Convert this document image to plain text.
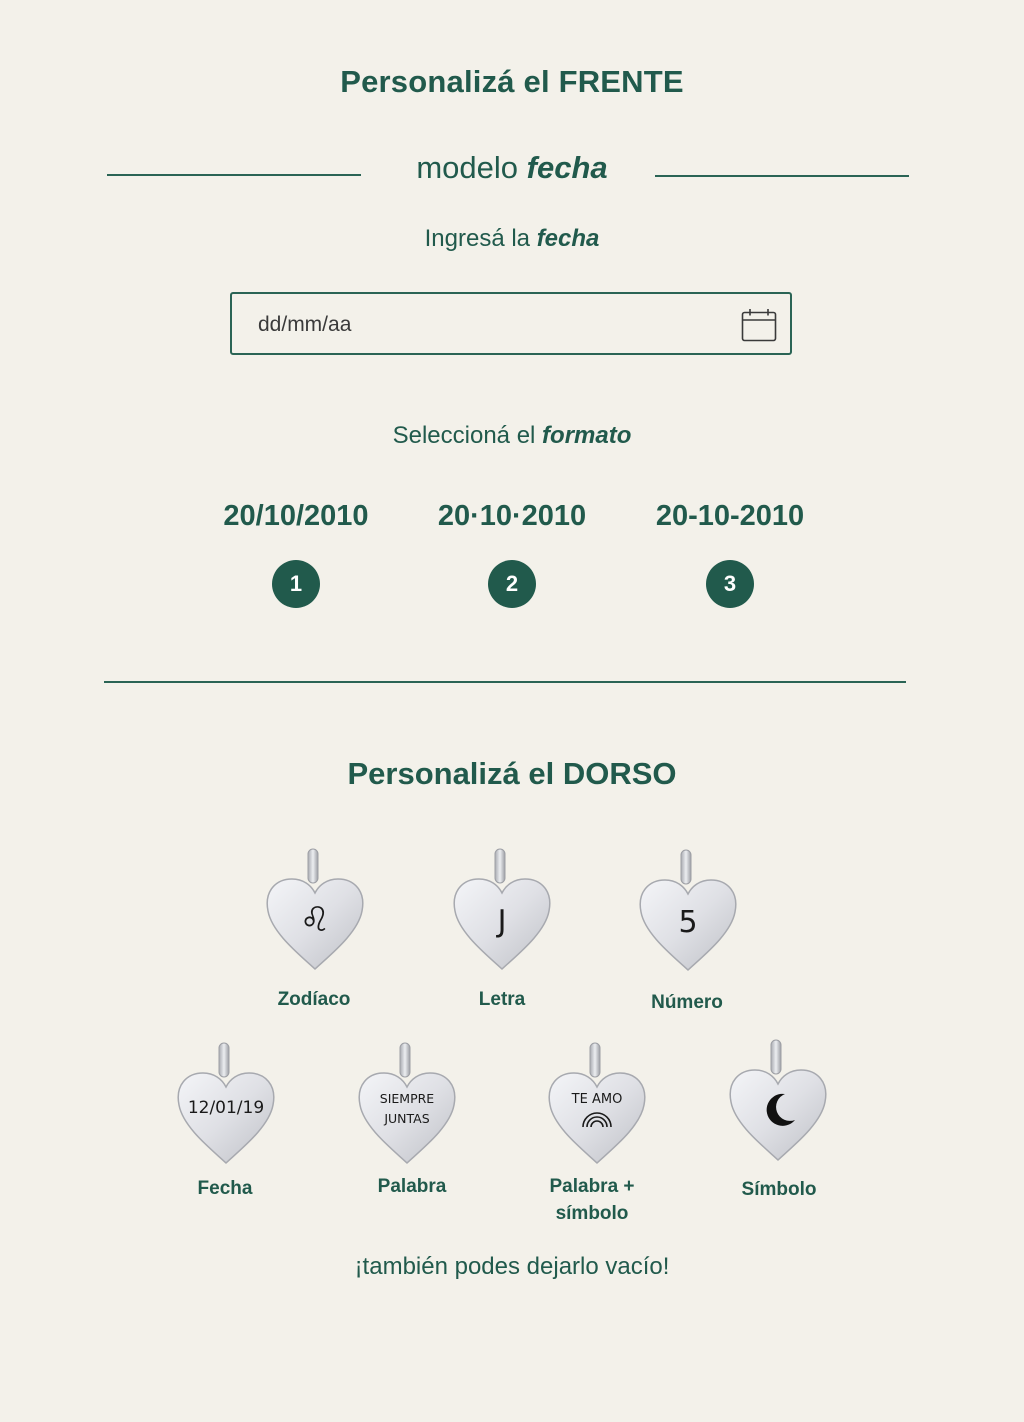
Personalizá el FRENTE
modelo fecha
Ingresá la fecha
dd/mm/aa
Seleccioná el formato
20/10/2010	20·10·2010	20-10-2010
1	2	3
Personalizá el DORSO
♌︎
Zodíaco
J
Letra
5
Número
12/01/19
Fecha
SIEMPRE
JUNTAS
Palabra
TE AMO
Palabra +
símbolo
Símbolo
¡también podes dejarlo vacío!
